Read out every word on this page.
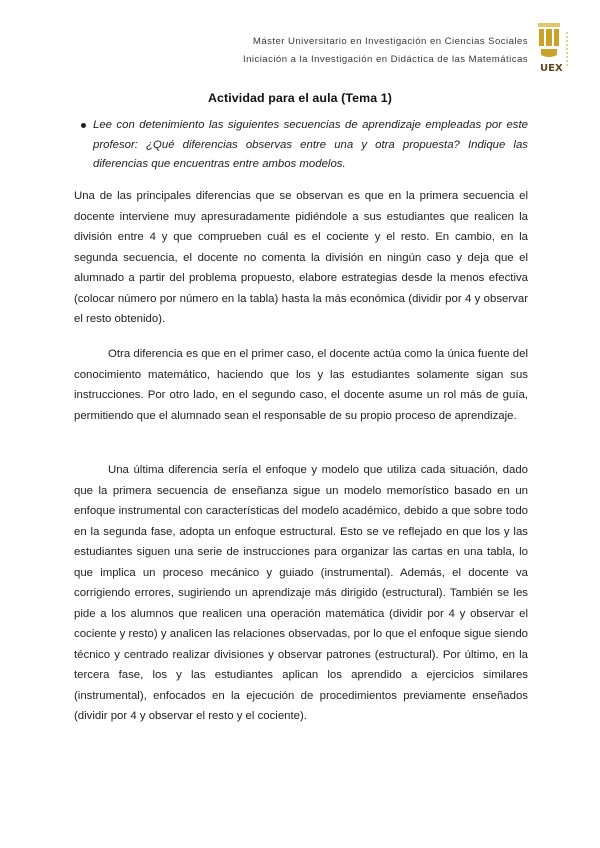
Máster Universitario en Investigación en Ciencias Sociales
Iniciación a la Investigación en Didáctica de las Matemáticas
UEX
Actividad para el aula (Tema 1)
Lee con detenimiento las siguientes secuencias de aprendizaje empleadas por este profesor: ¿Qué diferencias observas entre una y otra propuesta? Indique las diferencias que encuentras entre ambos modelos.

Una de las principales diferencias que se observan es que en la primera secuencia el docente interviene muy apresuradamente pidiéndole a sus estudiantes que realicen la división entre 4 y que comprueben cuál es el cociente y el resto. En cambio, en la segunda secuencia, el docente no comenta la división en ningún caso y deja que el alumnado a partir del problema propuesto, elabore estrategias desde la menos efectiva (colocar número por número en la tabla) hasta la más económica (dividir por 4 y observar el resto obtenido).

Otra diferencia es que en el primer caso, el docente actúa como la única fuente del conocimiento matemático, haciendo que los y las estudiantes solamente sigan sus instrucciones. Por otro lado, en el segundo caso, el docente asume un rol más de guía, permitiendo que el alumnado sean el responsable de su propio proceso de aprendizaje.

Una última diferencia sería el enfoque y modelo que utiliza cada situación, dado que la primera secuencia de enseñanza sigue un modelo memorístico basado en un enfoque instrumental con características del modelo académico, debido a que sobre todo en la segunda fase, adopta un enfoque estructural. Esto se ve reflejado en que los y las estudiantes siguen una serie de instrucciones para organizar las cartas en una tabla, lo que implica un proceso mecánico y guiado (instrumental). Además, el docente va corrigiendo errores, sugiriendo un aprendizaje más dirigido (estructural). También se les pide a los alumnos que realicen una operación matemática (dividir por 4 y observar el cociente y resto) y analicen las relaciones observadas, por lo que el enfoque sigue siendo técnico y centrado realizar divisiones y observar patrones (estructural). Por último, en la tercera fase, los y las estudiantes aplican los aprendido a ejercicios similares (instrumental), enfocados en la ejecución de procedimientos previamente enseñados (dividir por 4 y observar el resto y el cociente).
